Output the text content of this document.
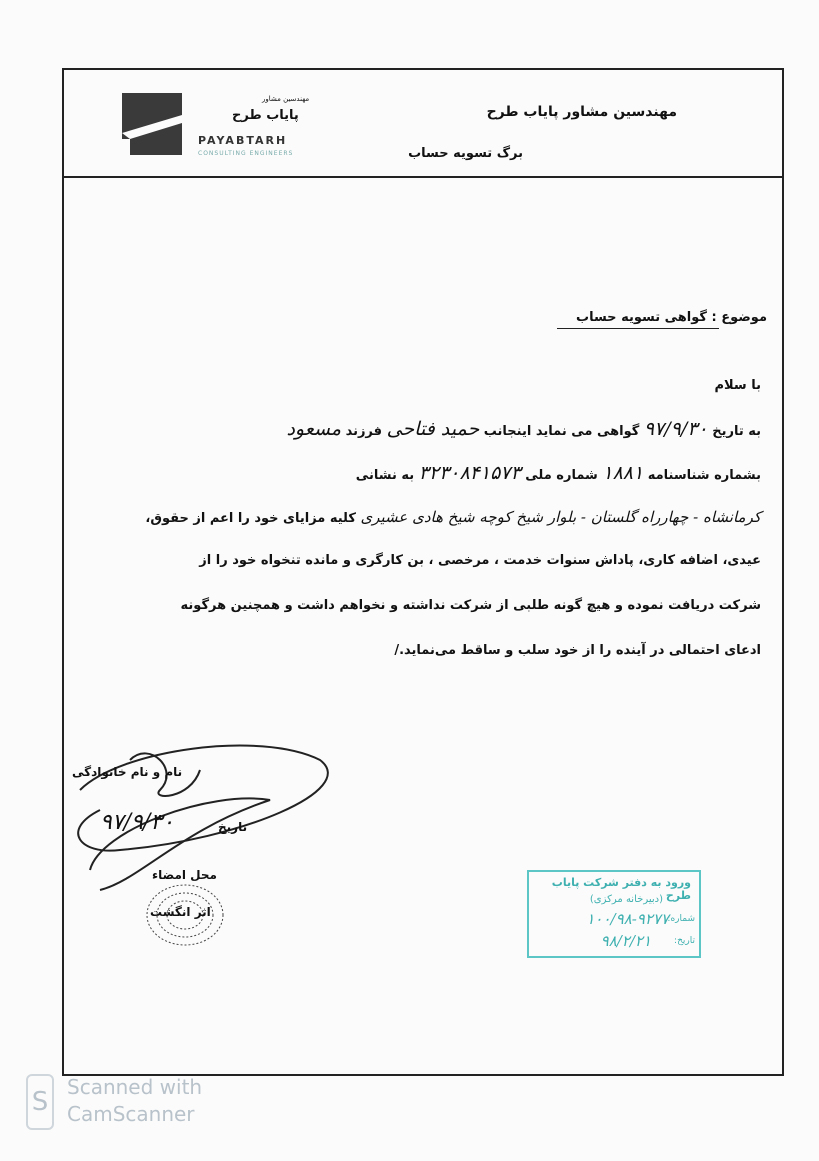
مهندسین مشاور پایاب طرح
برگ تسویه حساب
مهندسین مشاور
پایاب طرح
PAYABTARH
CONSULTING ENGINEERS
موضوع : گواهی تسویه حساب
با سلام
به تاریخ ۹۷/۹/۳۰ گواهی می نماید اینجانب حمید فتاحی فرزند مسعود
بشماره شناسنامه ۱۸۸۱ شماره ملی ۳۲۳۰۸۴۱۵۷۳ به نشانی
کرمانشاه - چهارراه گلستان - بلوار شیخ کوچه شیخ هادی عشیری کلیه مزایای خود را اعم از حقوق،
عیدی، اضافه کاری، پاداش سنوات خدمت ، مرخصی ، بن کارگری و مانده تنخواه خود را از
شرکت دریافت نموده و هیچ گونه طلبی از شرکت نداشته و نخواهم داشت و همچنین هرگونه
ادعای احتمالی در آینده را از خود سلب و ساقط می‌نماید./
نام و نام خانوادگی
۹۷/۹/۳۰	تاریخ
محل امضاء
اثر انگشت
ورود به دفتر شرکت پایاب طرح
(دبیرخانه مرکزی)
شماره:
۱۰۰/۹۸-۹۲۷۷
تاریخ:
۹۸/۲/۲۱
S Scanned with
CamScanner
